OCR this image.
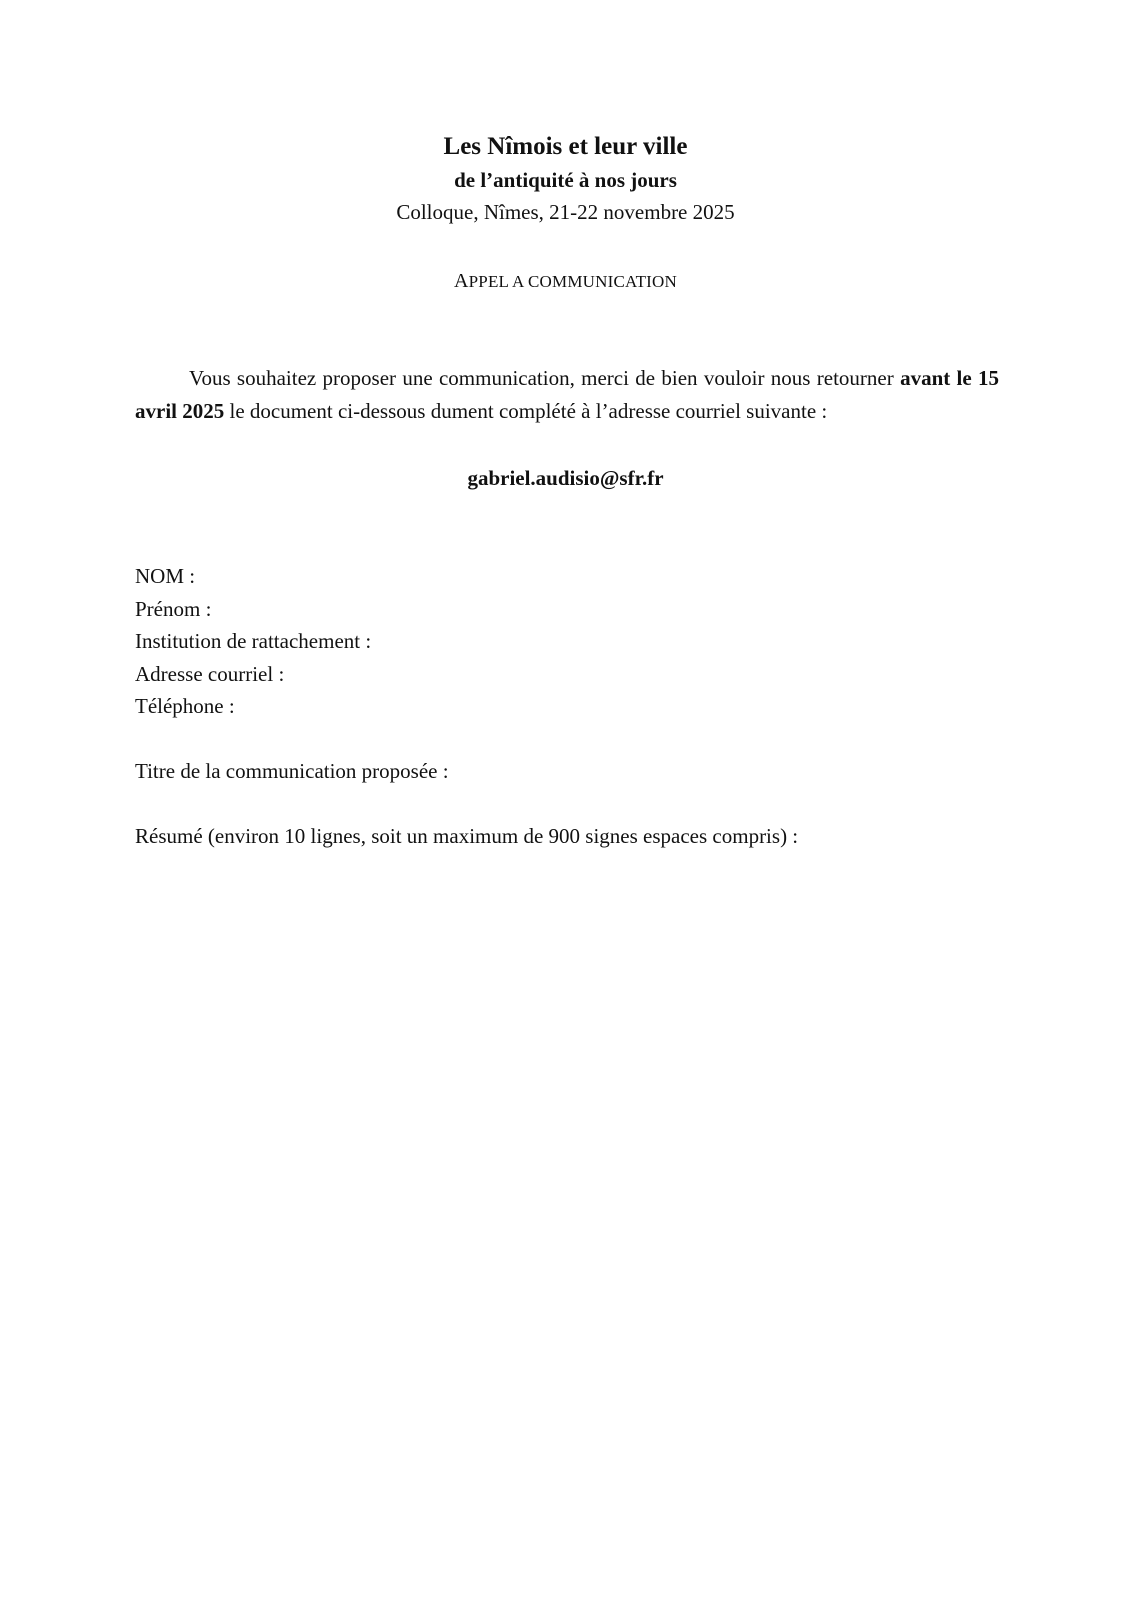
Les Nîmois et leur ville
de l’antiquité à nos jours
Colloque, Nîmes, 21-22 novembre 2025
APPEL A COMMUNICATION

Vous souhaitez proposer une communication, merci de bien vouloir nous retourner avant le 15 avril 2025 le document ci-dessous dument complété à l’adresse courriel suivante :

gabriel.audisio@sfr.fr
NOM :
Prénom :
Institution de rattachement :
Adresse courriel :
Téléphone :
Titre de la communication proposée :
Résumé (environ 10 lignes, soit un maximum de 900 signes espaces compris) :
